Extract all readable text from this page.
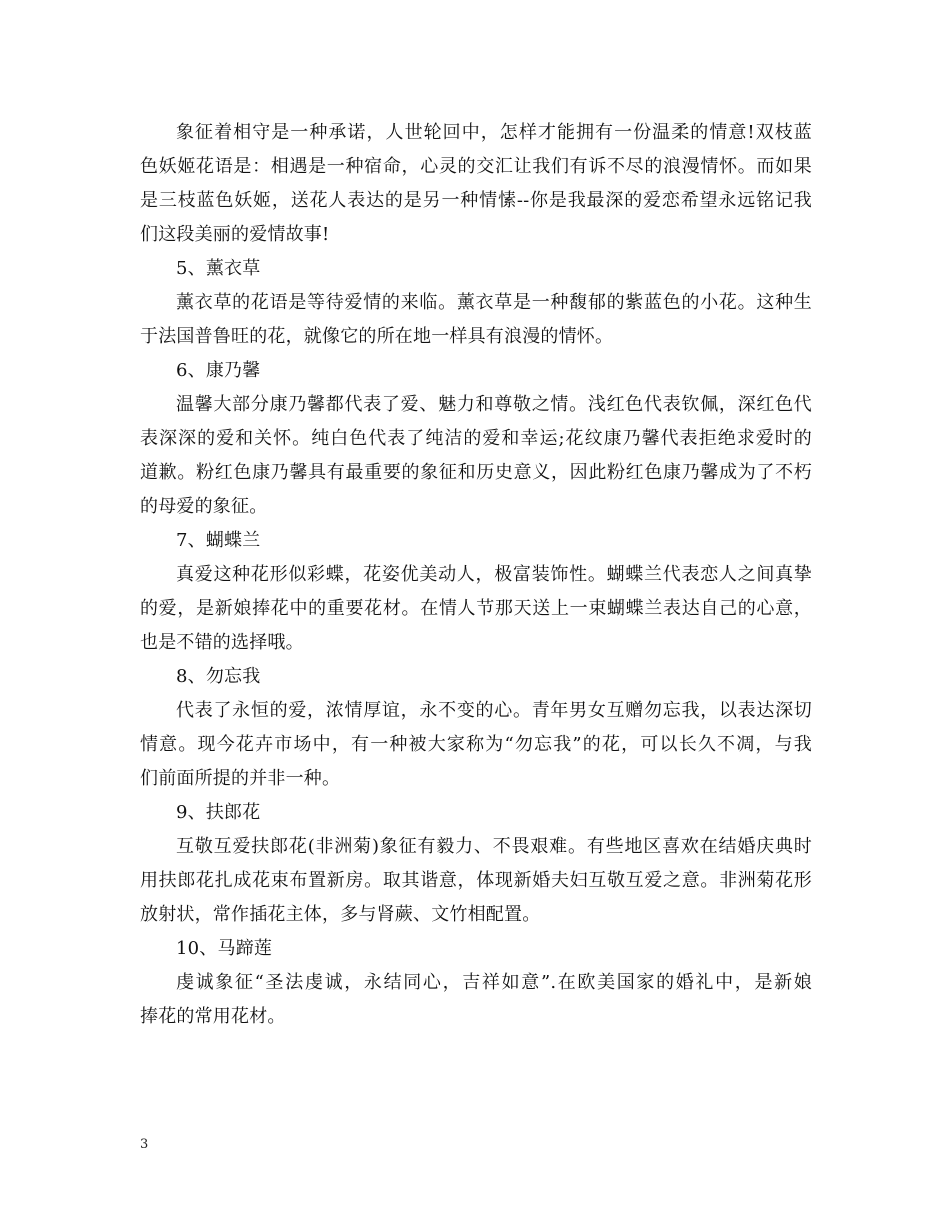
象征着相守是一种承诺，人世轮回中，怎样才能拥有一份温柔的情意!双枝蓝
色妖姬花语是：相遇是一种宿命，心灵的交汇让我们有诉不尽的浪漫情怀。而如果
是三枝蓝色妖姬，送花人表达的是另一种情愫--你是我最深的爱恋希望永远铭记我
们这段美丽的爱情故事!
5、薰衣草
薰衣草的花语是等待爱情的来临。薰衣草是一种馥郁的紫蓝色的小花。这种生
于法国普鲁旺的花，就像它的所在地一样具有浪漫的情怀。
6、康乃馨
温馨大部分康乃馨都代表了爱、魅力和尊敬之情。浅红色代表钦佩，深红色代
表深深的爱和关怀。纯白色代表了纯洁的爱和幸运;花纹康乃馨代表拒绝求爱时的
道歉。粉红色康乃馨具有最重要的象征和历史意义，因此粉红色康乃馨成为了不朽
的母爱的象征。
7、蝴蝶兰
真爱这种花形似彩蝶，花姿优美动人，极富装饰性。蝴蝶兰代表恋人之间真挚
的爱，是新娘捧花中的重要花材。在情人节那天送上一束蝴蝶兰表达自己的心意，
也是不错的选择哦。
8、勿忘我
代表了永恒的爱，浓情厚谊，永不变的心。青年男女互赠勿忘我，以表达深切
情意。现今花卉市场中，有一种被大家称为“勿忘我”的花，可以长久不凋，与我
们前面所提的并非一种。
9、扶郎花
互敬互爱扶郎花(非洲菊)象征有毅力、不畏艰难。有些地区喜欢在结婚庆典时
用扶郎花扎成花束布置新房。取其谐意，体现新婚夫妇互敬互爱之意。非洲菊花形
放射状，常作插花主体，多与肾蕨、文竹相配置。
10、马蹄莲
虔诚象征“圣法虔诚，永结同心，吉祥如意”.在欧美国家的婚礼中，是新娘
捧花的常用花材。
3
